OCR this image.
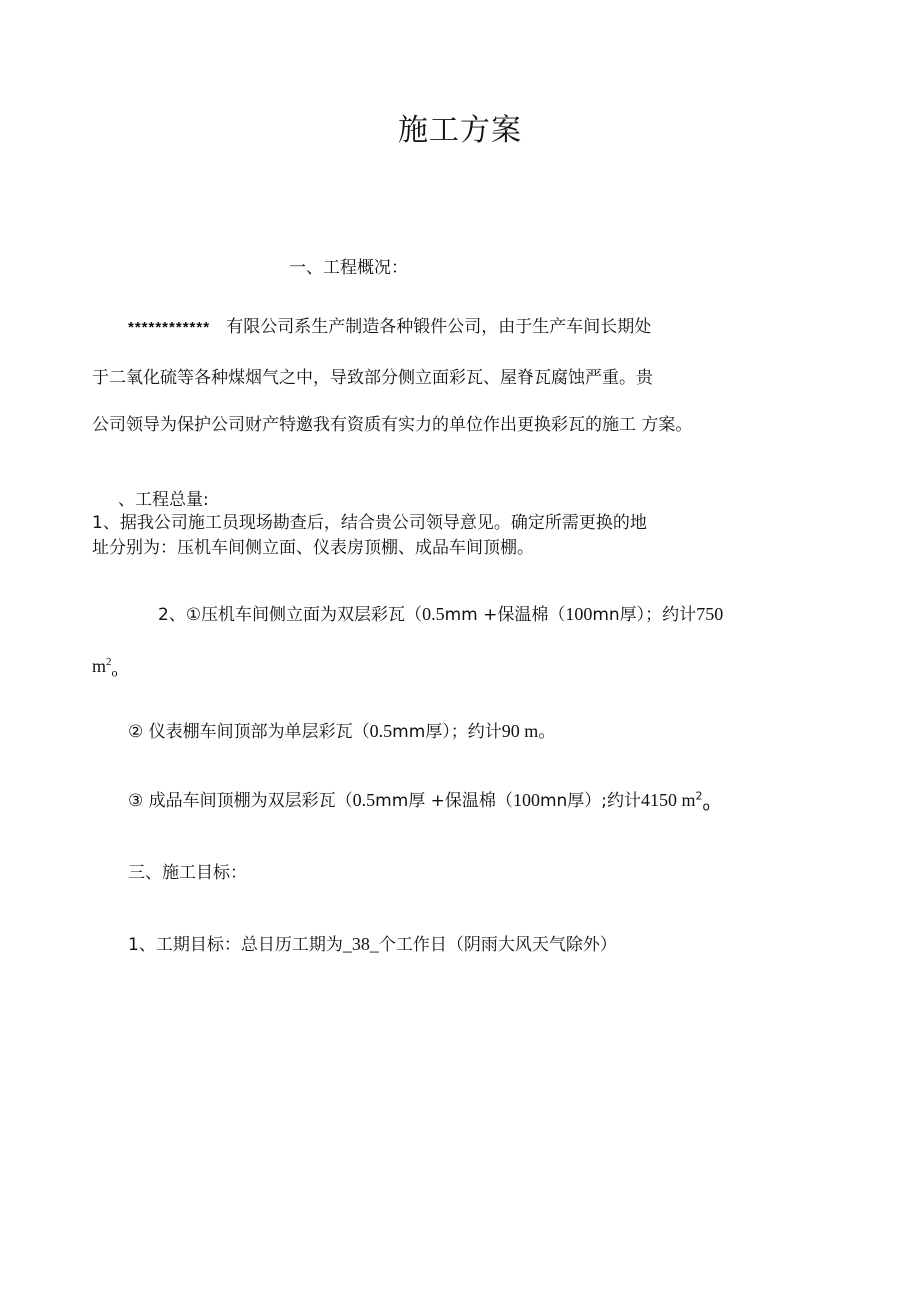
施工方案
一、工程概况：
************ 有限公司系生产制造各种锻件公司，由于生产车间长期处
于二氧化硫等各种煤烟气之中，导致部分侧立面彩瓦、屋脊瓦腐蚀严重。贵
公司领导为保护公司财产特邀我有资质有实力的单位作出更换彩瓦的施工 方案。
、工程总量:
1、据我公司施工员现场勘查后，结合贵公司领导意见。确定所需更换的地
址分别为：压机车间侧立面、仪表房顶棚、成品车间顶棚。
2、①压机车间侧立面为双层彩瓦（0.5mm +保温棉（100mn厚）；约计750
$m^2_o$
② 仪表棚车间顶部为单层彩瓦（0.5mm厚）；约计90 m。
③ 成品车间顶棚为双层彩瓦（0.5mm厚 +保温棉（100mn厚）;约计4150 $m^2_o$
三、施工目标：
1、工期目标：总日历工期为_38_个工作日（阴雨大风天气除外）
